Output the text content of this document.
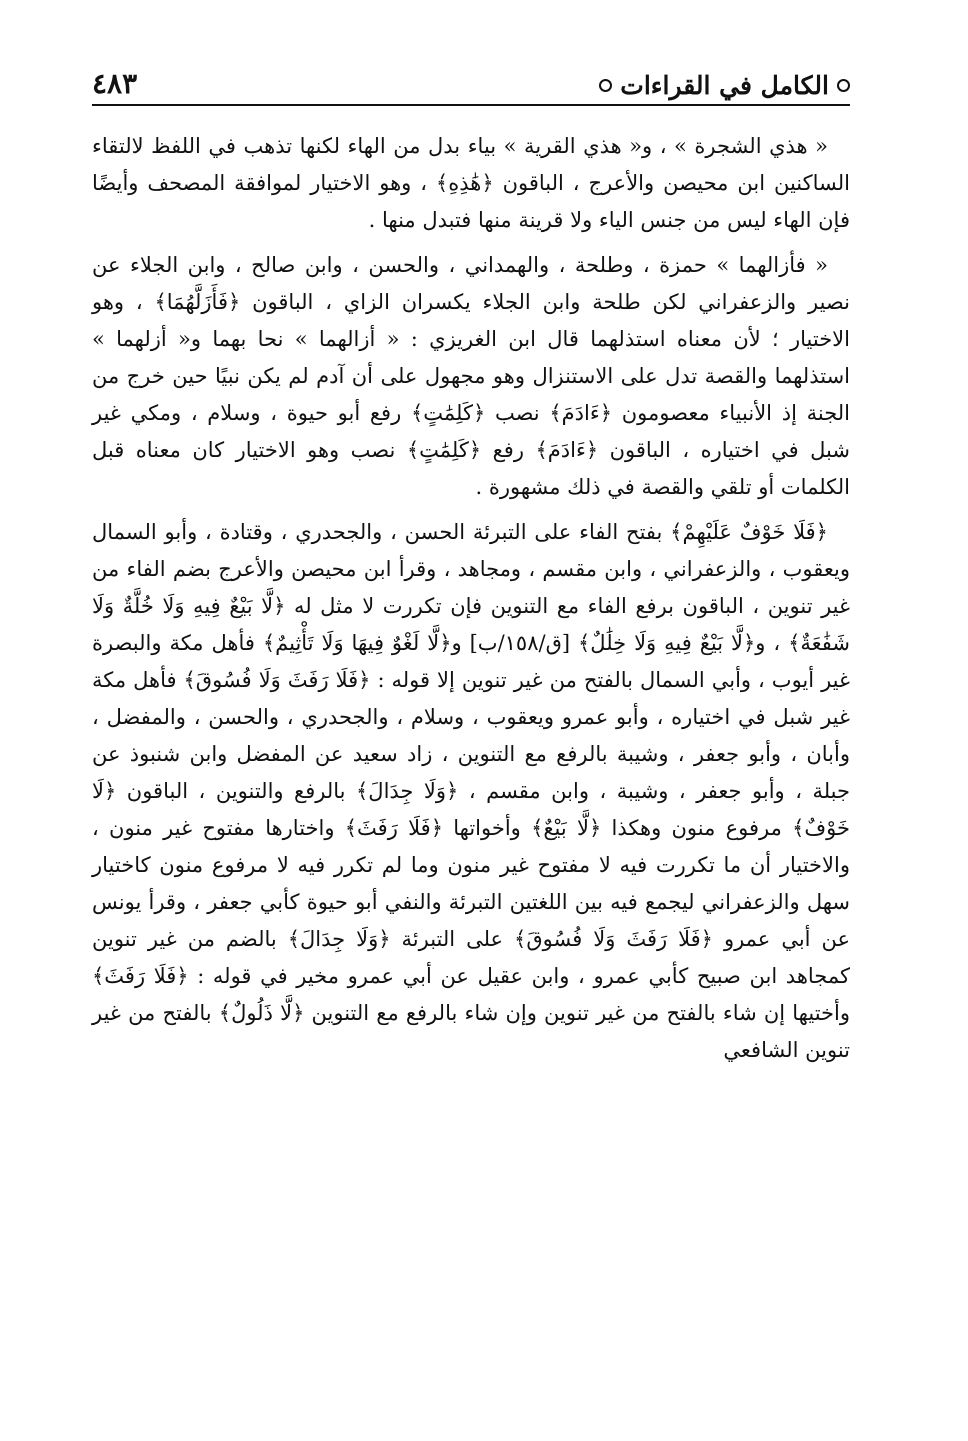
الكامل في القراءات
٤٨٣

« هذي الشجرة » ، و« هذي القرية » بياء بدل من الهاء لكنها تذهب في اللفظ لالتقاء الساكنين ابن محيصن والأعرج ، الباقون ﴿هَٰذِهِ﴾ ، وهو الاختيار لموافقة المصحف وأيضًا فإن الهاء ليس من جنس الياء ولا قرينة منها فتبدل منها .

« فأزالهما » حمزة ، وطلحة ، والهمداني ، والحسن ، وابن صالح ، وابن الجلاء عن نصير والزعفراني لكن طلحة وابن الجلاء يكسران الزاي ، الباقون ﴿فَأَزَلَّهُمَا﴾ ، وهو الاختيار ؛ لأن معناه استذلهما قال ابن الغريزي : « أزالهما » نحا بهما و« أزلهما » استذلهما والقصة تدل على الاستنزال وهو مجهول على أن آدم لم يكن نبيًا حين خرج من الجنة إذ الأنبياء معصومون ﴿ءَادَمَ﴾ نصب ﴿كَلِمَٰتٍ﴾ رفع أبو حيوة ، وسلام ، ومكي غير شبل في اختياره ، الباقون ﴿ءَادَمَ﴾ رفع ﴿كَلِمَٰتٍ﴾ نصب وهو الاختيار كان معناه قبل الكلمات أو تلقي والقصة في ذلك مشهورة .

﴿فَلَا خَوْفٌ عَلَيْهِمْ﴾ بفتح الفاء على التبرئة الحسن ، والجحدري ، وقتادة ، وأبو السمال ويعقوب ، والزعفراني ، وابن مقسم ، ومجاهد ، وقرأ ابن محيصن والأعرج بضم الفاء من غير تنوين ، الباقون برفع الفاء مع التنوين فإن تكررت لا مثل له ﴿لَّا بَيْعٌ فِيهِ وَلَا خُلَّةٌ وَلَا شَفَٰعَةٌ﴾ ، و﴿لَّا بَيْعٌ فِيهِ وَلَا خِلَٰلٌ﴾ [ق/١٥٨/ب] و﴿لَّا لَغْوٌ فِيهَا وَلَا تَأْثِيمٌ﴾ فأهل مكة والبصرة غير أيوب ، وأبي السمال بالفتح من غير تنوين إلا قوله : ﴿فَلَا رَفَثَ وَلَا فُسُوقَ﴾ فأهل مكة غير شبل في اختياره ، وأبو عمرو ويعقوب ، وسلام ، والجحدري ، والحسن ، والمفضل ، وأبان ، وأبو جعفر ، وشيبة بالرفع مع التنوين ، زاد سعيد عن المفضل وابن شنبوذ عن جبلة ، وأبو جعفر ، وشيبة ، وابن مقسم ، ﴿وَلَا جِدَالَ﴾ بالرفع والتنوين ، الباقون ﴿لَا خَوْفٌ﴾ مرفوع منون وهكذا ﴿لَّا بَيْعٌ﴾ وأخواتها ﴿فَلَا رَفَثَ﴾ واختارها مفتوح غير منون ، والاختيار أن ما تكررت فيه لا مفتوح غير منون وما لم تكرر فيه لا مرفوع منون كاختيار سهل والزعفراني ليجمع فيه بين اللغتين التبرئة والنفي أبو حيوة كأبي جعفر ، وقرأ يونس عن أبي عمرو ﴿فَلَا رَفَثَ وَلَا فُسُوقَ﴾ على التبرئة ﴿وَلَا جِدَالَ﴾ بالضم من غير تنوين كمجاهد ابن صبيح كأبي عمرو ، وابن عقيل عن أبي عمرو مخير في قوله : ﴿فَلَا رَفَثَ﴾ وأختيها إن شاء بالفتح من غير تنوين وإن شاء بالرفع مع التنوين ﴿لَّا ذَلُولٌ﴾ بالفتح من غير تنوين الشافعي
